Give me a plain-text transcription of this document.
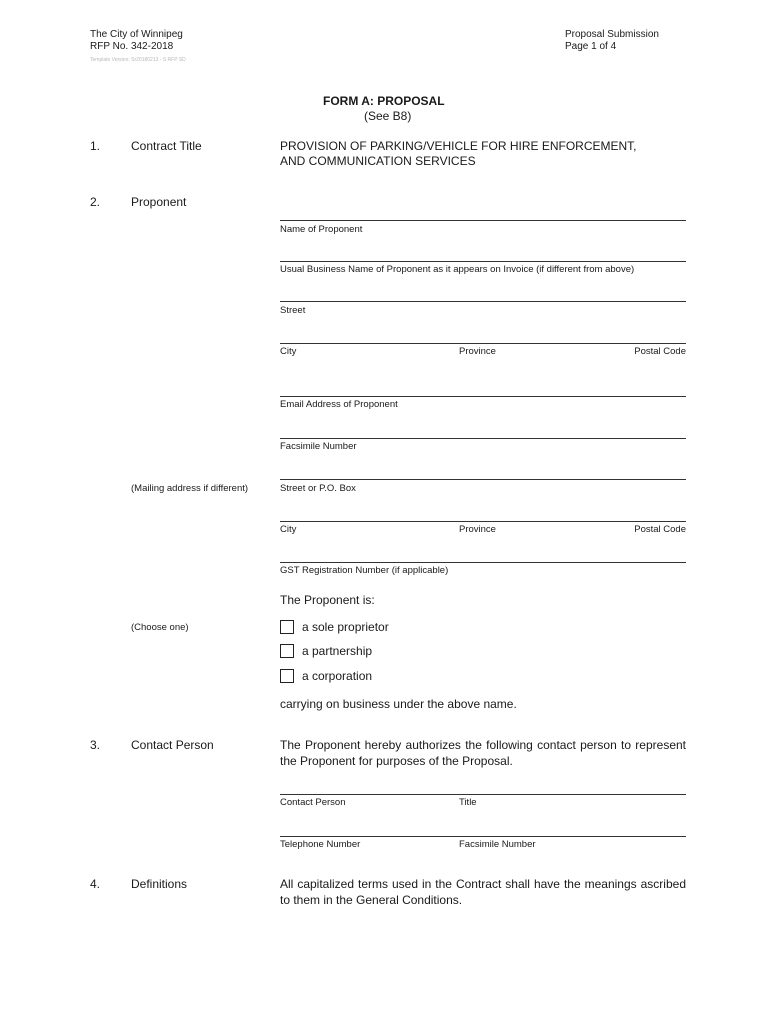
The City of Winnipeg
RFP No. 342-2018
Template Version: Sr20180213 - S RFP SD
Proposal Submission
Page 1 of 4
FORM A: PROPOSAL
(See B8)
1.	Contract Title	PROVISION OF PARKING/VEHICLE FOR HIRE ENFORCEMENT,
AND COMMUNICATION SERVICES
2.	Proponent
Name of Proponent
Usual Business Name of Proponent as it appears on Invoice (if different from above)
Street
City	Province	Postal Code
Email Address of Proponent
Facsimile Number
(Mailing address if different)	Street or P.O. Box
City	Province	Postal Code
GST Registration Number (if applicable)
The Proponent is:
(Choose one)	a sole proprietor
a partnership
a corporation
carrying on business under the above name.
3.	Contact Person	The Proponent hereby authorizes the following contact person to represent the Proponent for purposes of the Proposal.
Contact Person	Title
Telephone Number	Facsimile Number
4.	Definitions	All capitalized terms used in the Contract shall have the meanings ascribed to them in the General Conditions.
